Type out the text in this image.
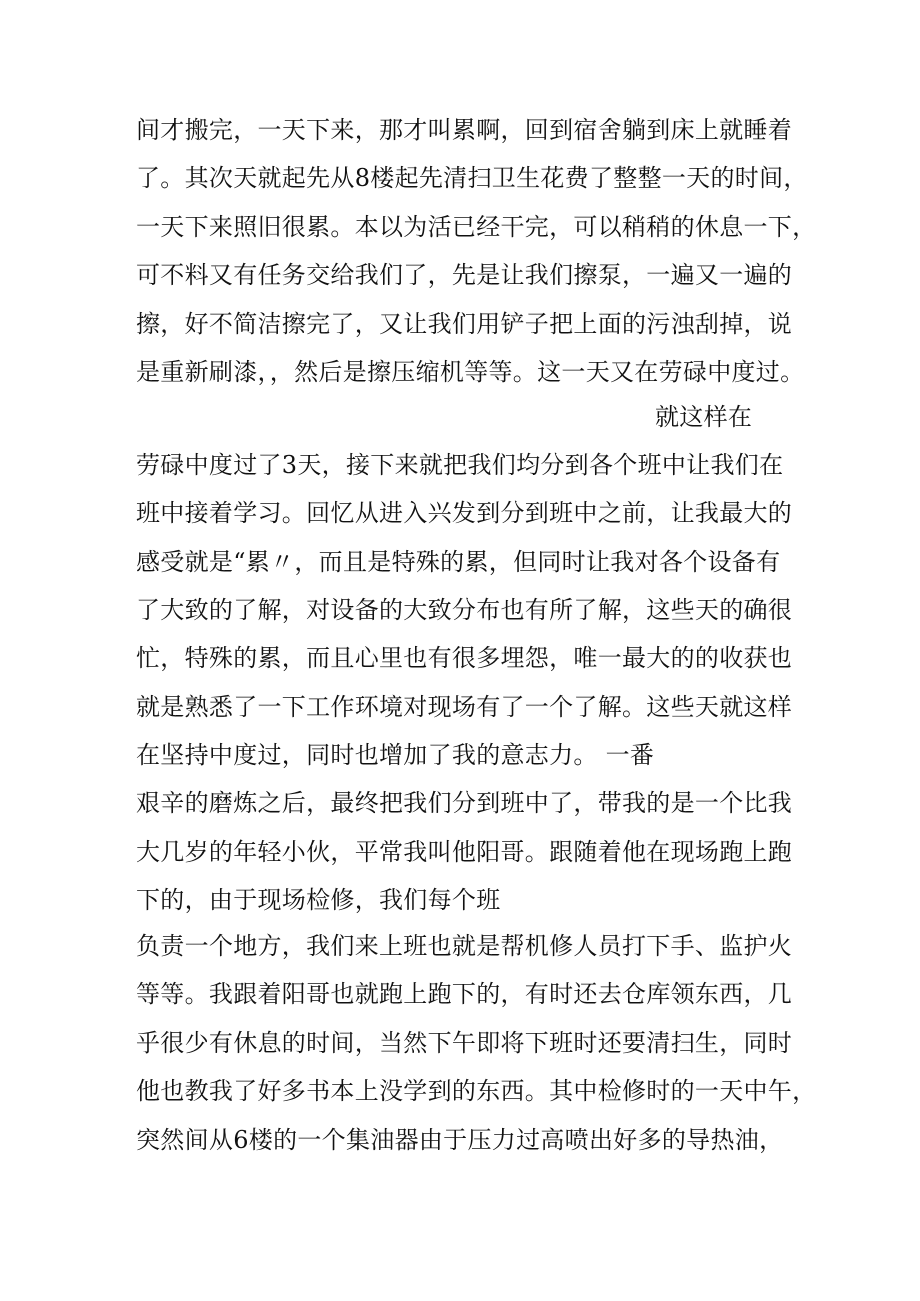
间才搬完，一天下来，那才叫累啊，回到宿舍躺到床上就睡着
了。其次天就起先从8楼起先清扫卫生花费了整整一天的时间，
一天下来照旧很累。本以为活已经干完，可以稍稍的休息一下，
可不料又有任务交给我们了，先是让我们擦泵，一遍又一遍的
擦，好不简洁擦完了，又让我们用铲子把上面的污浊刮掉，说
是重新刷漆，，然后是擦压缩机等等。这一天又在劳碌中度过。
就这样在
劳碌中度过了3天，接下来就把我们均分到各个班中让我们在
班中接着学习。回忆从进入兴发到分到班中之前，让我最大的
感受就是“累〃，而且是特殊的累，但同时让我对各个设备有
了大致的了解，对设备的大致分布也有所了解，这些天的确很
忙，特殊的累，而且心里也有很多埋怨，唯一最大的的收获也
就是熟悉了一下工作环境对现场有了一个了解。这些天就这样
在坚持中度过，同时也增加了我的意志力。 一番
艰辛的磨炼之后，最终把我们分到班中了，带我的是一个比我
大几岁的年轻小伙，平常我叫他阳哥。跟随着他在现场跑上跑
下的，由于现场检修，我们每个班
负责一个地方，我们来上班也就是帮机修人员打下手、监护火
等等。我跟着阳哥也就跑上跑下的，有时还去仓库领东西，几
乎很少有休息的时间，当然下午即将下班时还要清扫生，同时
他也教我了好多书本上没学到的东西。其中检修时的一天中午，
突然间从6楼的一个集油器由于压力过高喷出好多的导热油，
